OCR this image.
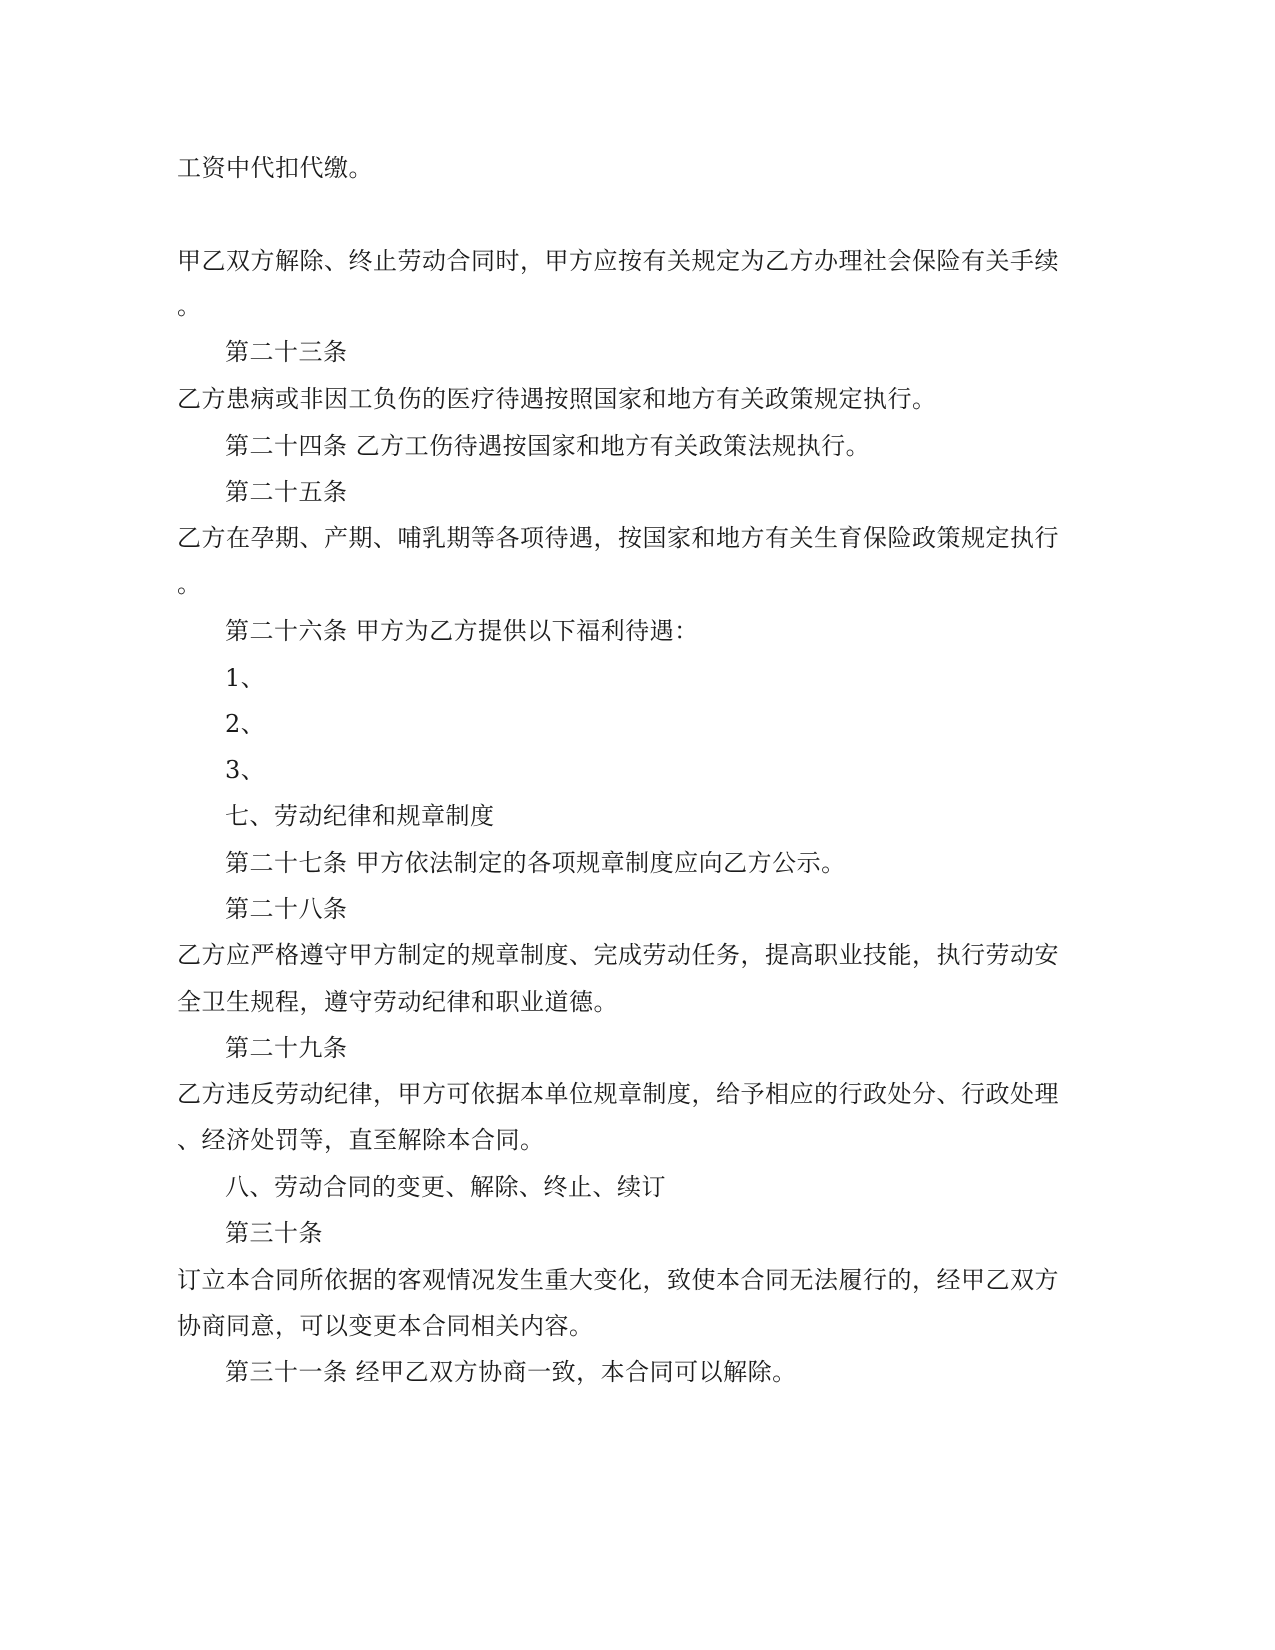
工资中代扣代缴。
甲乙双方解除、终止劳动合同时，甲方应按有关规定为乙方办理社会保险有关手续
。
第二十三条
乙方患病或非因工负伤的医疗待遇按照国家和地方有关政策规定执行。
第二十四条 乙方工伤待遇按国家和地方有关政策法规执行。
第二十五条
乙方在孕期、产期、哺乳期等各项待遇，按国家和地方有关生育保险政策规定执行
。
第二十六条 甲方为乙方提供以下福利待遇：
1、
2、
3、
七、劳动纪律和规章制度
第二十七条 甲方依法制定的各项规章制度应向乙方公示。
第二十八条
乙方应严格遵守甲方制定的规章制度、完成劳动任务，提高职业技能，执行劳动安
全卫生规程，遵守劳动纪律和职业道德。
第二十九条
乙方违反劳动纪律，甲方可依据本单位规章制度，给予相应的行政处分、行政处理
、经济处罚等，直至解除本合同。
八、劳动合同的变更、解除、终止、续订
第三十条
订立本合同所依据的客观情况发生重大变化，致使本合同无法履行的，经甲乙双方
协商同意，可以变更本合同相关内容。
第三十一条 经甲乙双方协商一致，本合同可以解除。
